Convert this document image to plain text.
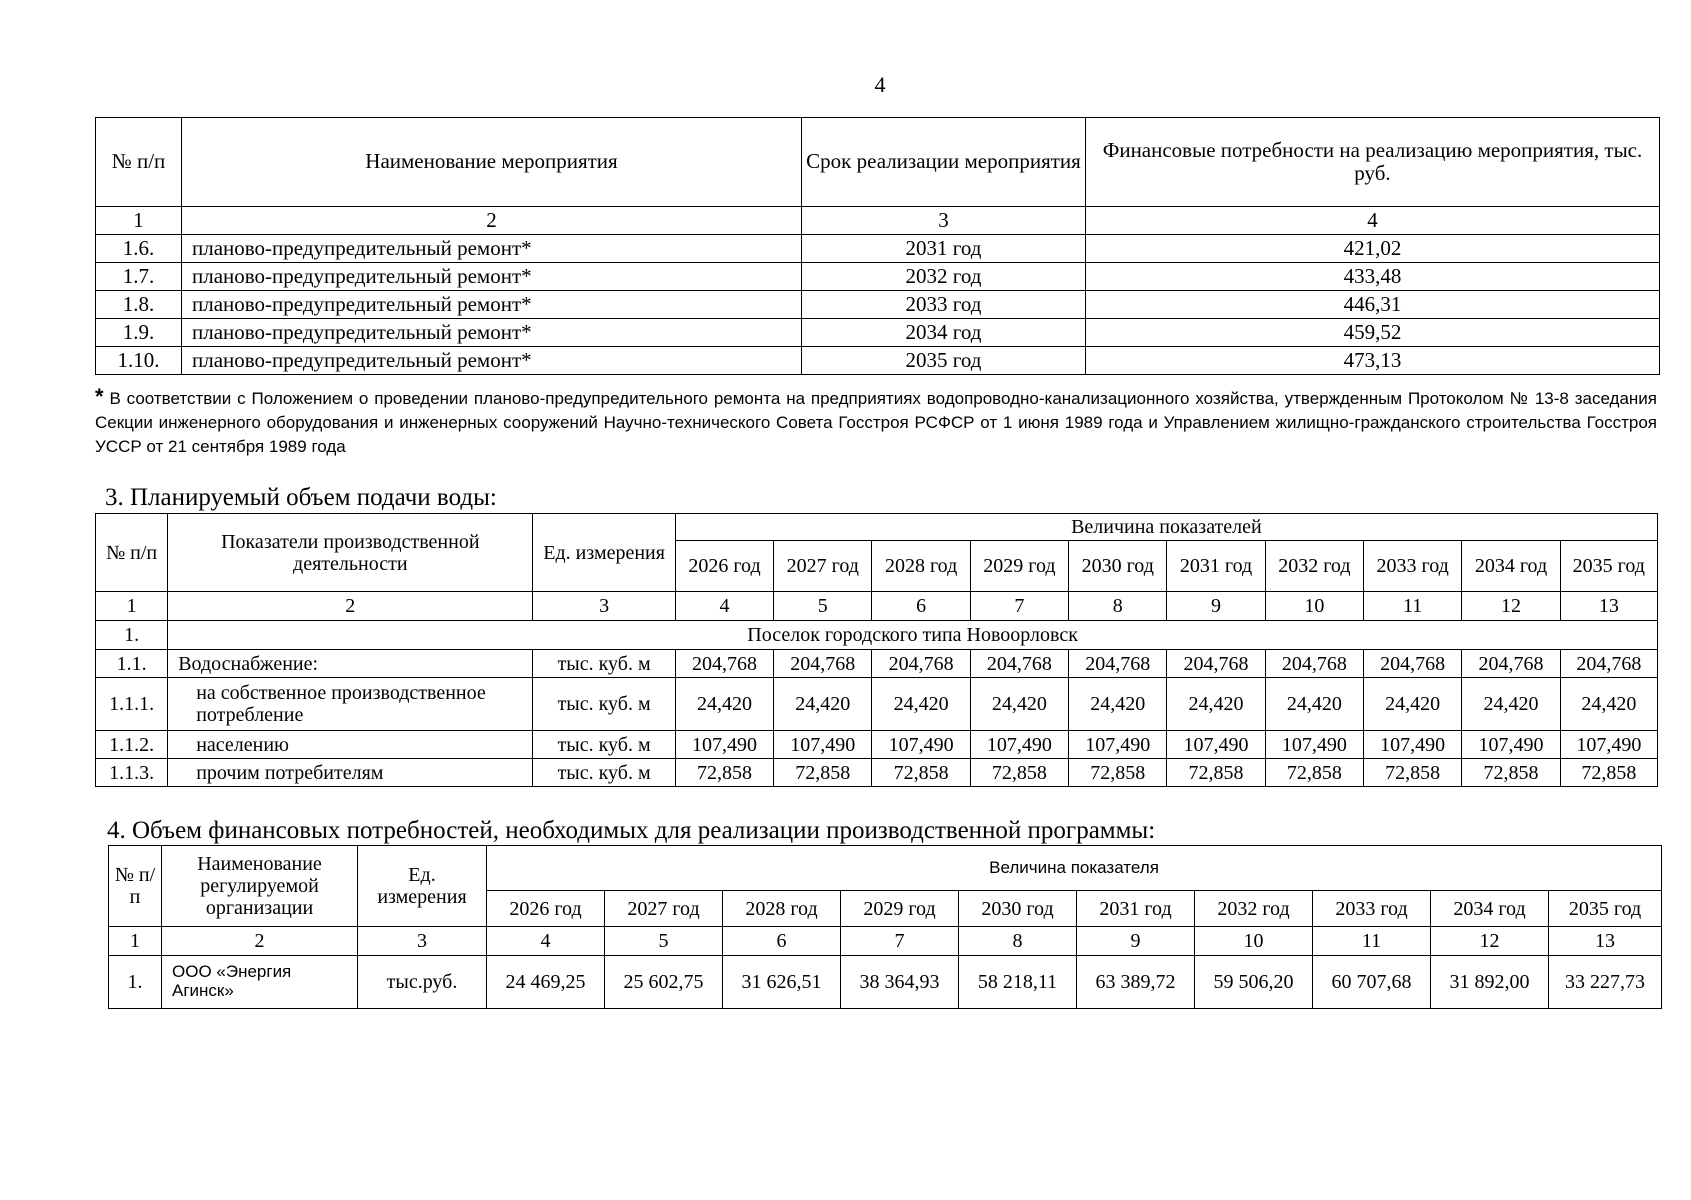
4
№ п/п	Наименование мероприятия	Срок реализации мероприятия	Финансовые потребности на реализацию мероприятия, тыс. руб.
1	2	3	4
1.6.	планово-предупредительный ремонт*	2031 год	421,02
1.7.	планово-предупредительный ремонт*	2032 год	433,48
1.8.	планово-предупредительный ремонт*	2033 год	446,31
1.9.	планово-предупредительный ремонт*	2034 год	459,52
1.10.	планово-предупредительный ремонт*	2035 год	473,13
* В соответствии с Положением о проведении планово-предупредительного ремонта на предприятиях водопроводно-канализационного хозяйства, утвержденным Протоколом № 13-8 заседания Секции инженерного оборудования и инженерных сооружений Научно-технического Совета Госстроя РСФСР от 1 июня 1989 года и Управлением жилищно-гражданского строительства Госстроя УССР от 21 сентября 1989 года
3. Планируемый объем подачи воды:
№ п/п	Показатели производственной деятельности	Ед. измерения	Величина показателей									
			2026 год	2027 год	2028 год	2029 год	2030 год	2031 год	2032 год	2033 год	2034 год	2035 год
1	2	3	4	5	6	7	8	9	10	11	12	13
1.	Поселок городского типа Новоорловск											
1.1.	Водоснабжение:	тыс. куб. м	204,768	204,768	204,768	204,768	204,768	204,768	204,768	204,768	204,768	204,768
1.1.1.	на собственное производственное потребление	тыс. куб. м	24,420	24,420	24,420	24,420	24,420	24,420	24,420	24,420	24,420	24,420
1.1.2.	населению	тыс. куб. м	107,490	107,490	107,490	107,490	107,490	107,490	107,490	107,490	107,490	107,490
1.1.3.	прочим потребителям	тыс. куб. м	72,858	72,858	72,858	72,858	72,858	72,858	72,858	72,858	72,858	72,858
4. Объем финансовых потребностей, необходимых для реализации производственной программы:
№ п/п	Наименование регулируемой организации	Ед. измерения	Величина показателя									
			2026 год	2027 год	2028 год	2029 год	2030 год	2031 год	2032 год	2033 год	2034 год	2035 год
1	2	3	4	5	6	7	8	9	10	11	12	13
1.	ООО «Энергия Агинск»	тыс.руб.	24 469,25	25 602,75	31 626,51	38 364,93	58 218,11	63 389,72	59 506,20	60 707,68	31 892,00	33 227,73
